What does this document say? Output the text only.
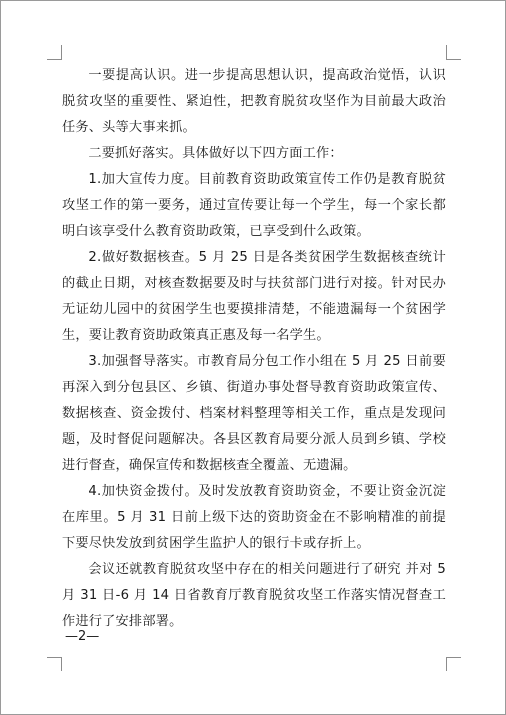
一要提高认识。进一步提高思想认识，提高政治觉悟，认识脱贫攻坚的重要性、紧迫性，把教育脱贫攻坚作为目前最大政治任务、头等大事来抓。

二要抓好落实。具体做好以下四方面工作：

1.加大宣传力度。目前教育资助政策宣传工作仍是教育脱贫攻坚工作的第一要务，通过宣传要让每一个学生，每一个家长都明白该享受什么教育资助政策，已享受到什么政策。

2.做好数据核查。5 月 25 日是各类贫困学生数据核查统计的截止日期，对核查数据要及时与扶贫部门进行对接。针对民办无证幼儿园中的贫困学生也要摸排清楚，不能遗漏每一个贫困学生，要让教育资助政策真正惠及每一名学生。

3.加强督导落实。市教育局分包工作小组在 5 月 25 日前要再深入到分包县区、乡镇、街道办事处督导教育资助政策宣传、数据核查、资金拨付、档案材料整理等相关工作，重点是发现问题，及时督促问题解决。各县区教育局要分派人员到乡镇、学校进行督查，确保宣传和数据核查全覆盖、无遗漏。

4.加快资金拨付。及时发放教育资助资金，不要让资金沉淀在库里。5 月 31 日前上级下达的资助资金在不影响精准的前提下要尽快发放到贫困学生监护人的银行卡或存折上。

会议还就教育脱贫攻坚中存在的相关问题进行了研究 并对 5 月 31 日-6 月 14 日省教育厅教育脱贫攻坚工作落实情况督查工作进行了安排部署。

—2—
